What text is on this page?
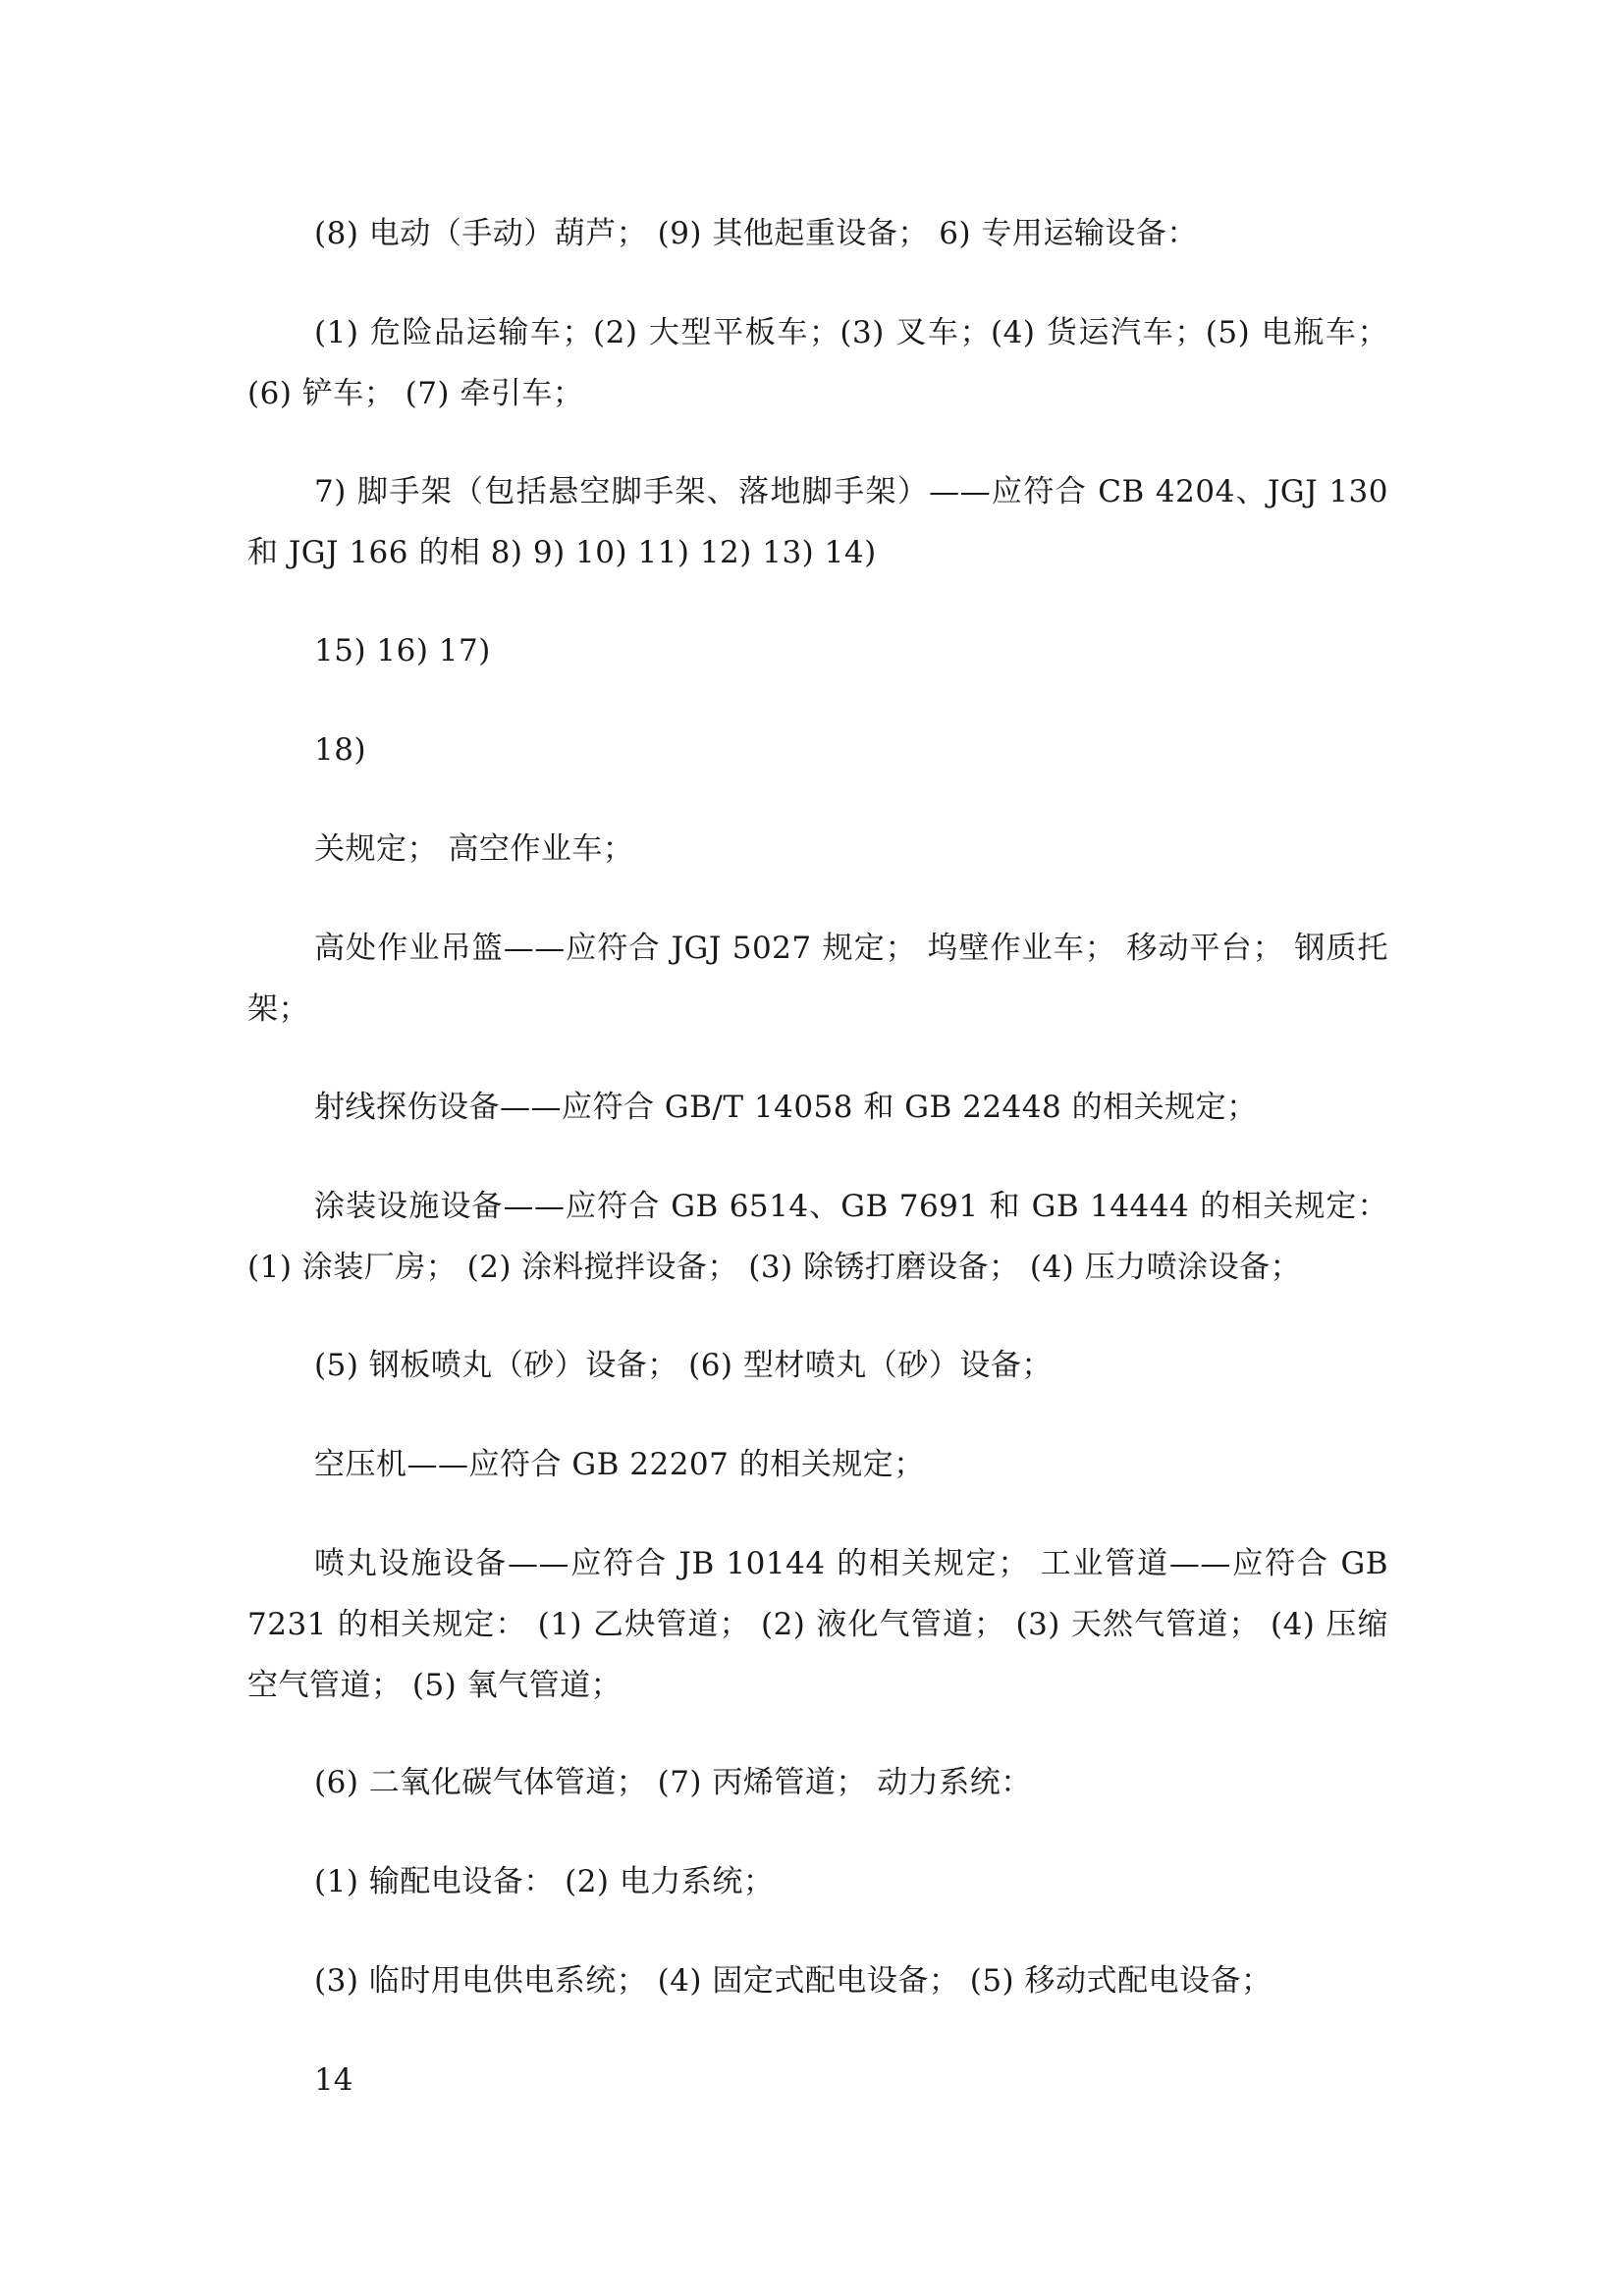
(8) 电动（手动）葫芦； (9) 其他起重设备； 6) 专用运输设备：

(1) 危险品运输车；(2) 大型平板车；(3) 叉车；(4) 货运汽车；(5) 电瓶车； (6) 铲车； (7) 牵引车；

7) 脚手架（包括悬空脚手架、落地脚手架）——应符合 CB 4204、JGJ 130 和 JGJ 166 的相 8) 9) 10) 11) 12) 13) 14)

15) 16) 17)

18)

关规定； 高空作业车；

高处作业吊篮——应符合 JGJ 5027 规定； 坞壁作业车； 移动平台； 钢质托架；

射线探伤设备——应符合 GB/T 14058 和 GB 22448 的相关规定；

涂装设施设备——应符合 GB 6514、GB 7691 和 GB 14444 的相关规定： (1) 涂装厂房； (2) 涂料搅拌设备； (3) 除锈打磨设备； (4) 压力喷涂设备；

(5) 钢板喷丸（砂）设备； (6) 型材喷丸（砂）设备；

空压机——应符合 GB 22207 的相关规定；

喷丸设施设备——应符合 JB 10144 的相关规定； 工业管道——应符合 GB 7231 的相关规定： (1) 乙炔管道； (2) 液化气管道； (3) 天然气管道； (4) 压缩空气管道； (5) 氧气管道；

(6) 二氧化碳气体管道； (7) 丙烯管道； 动力系统：

(1) 输配电设备： (2) 电力系统；

(3) 临时用电供电系统； (4) 固定式配电设备； (5) 移动式配电设备；

14
